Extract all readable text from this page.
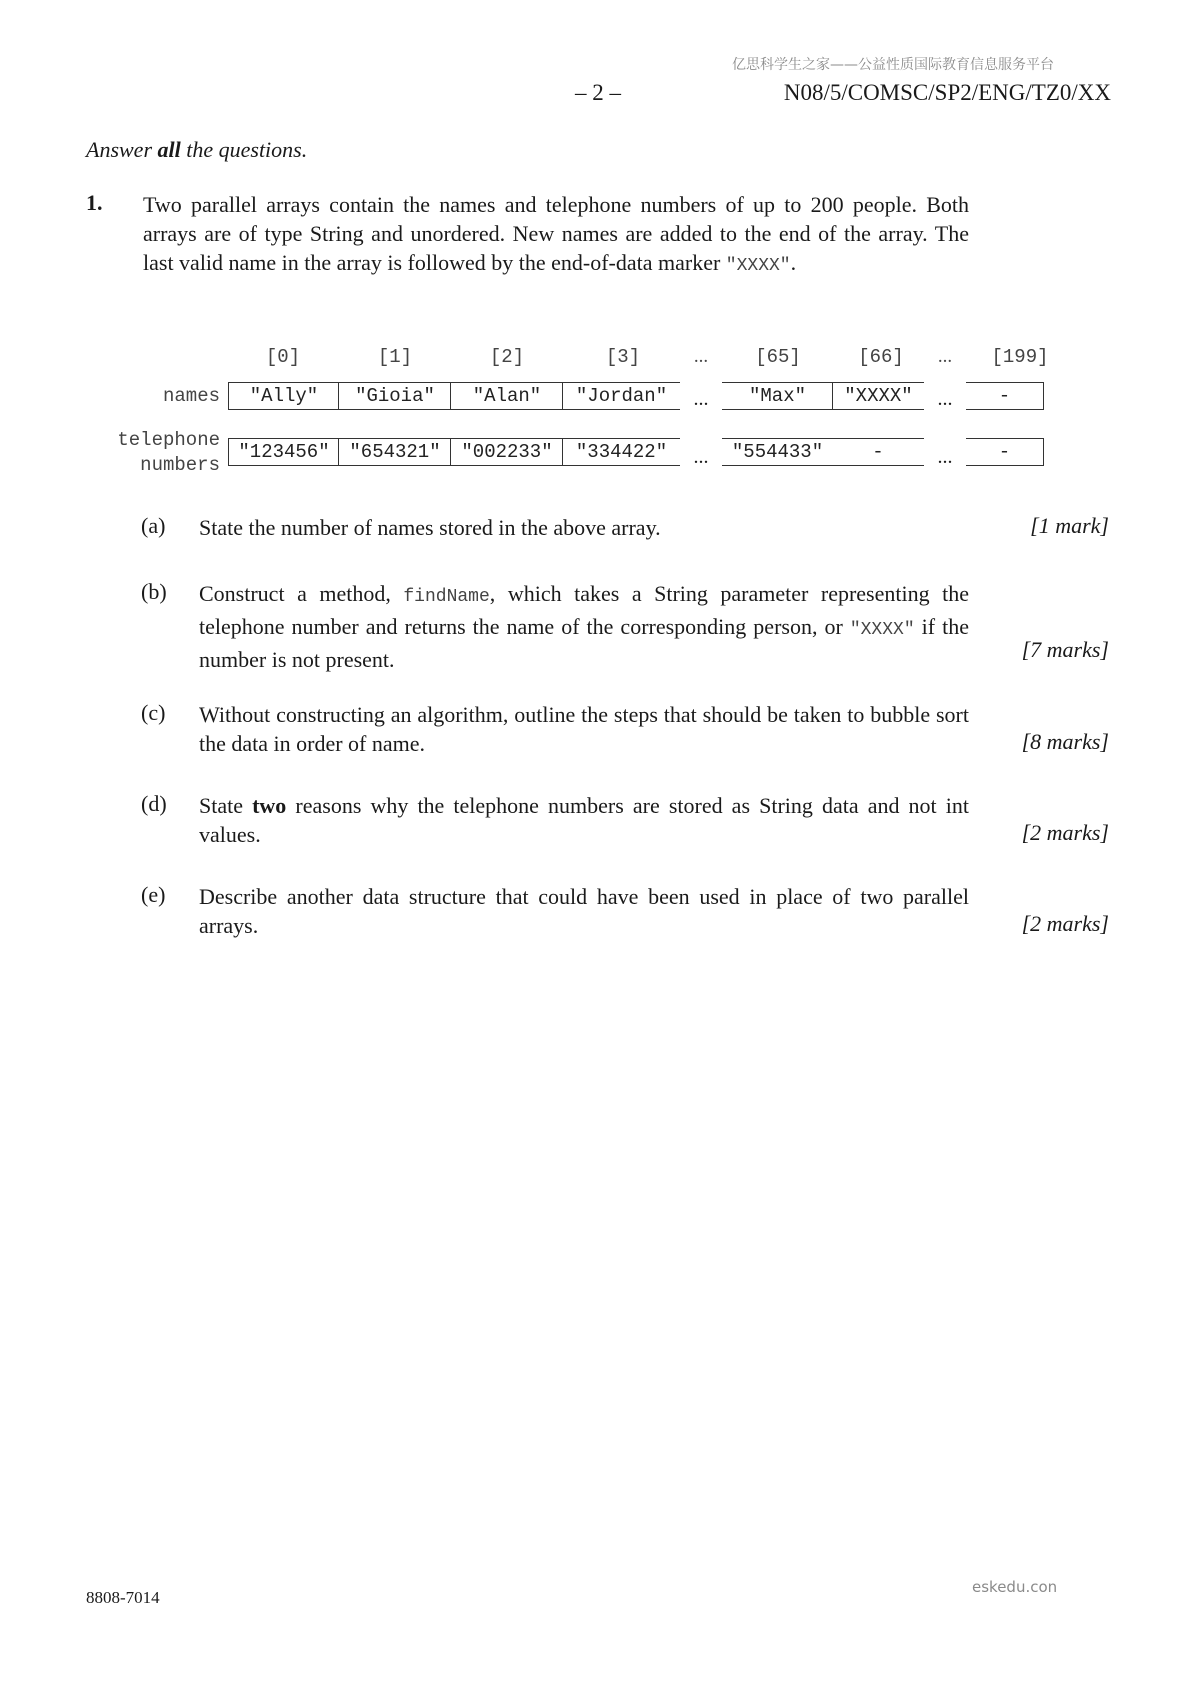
亿思科学生之家——公益性质国际教育信息服务平台
– 2 –	N08/5/COMSC/SP2/ENG/TZ0/XX
Answer all the questions.
1. Two parallel arrays contain the names and telephone numbers of up to 200 people. Both arrays are of type String and unordered. New names are added to the end of the array. The last valid name in the array is followed by the end-of-data marker "XXXX".
[0]	[1]	[2]	[3]	...	[65]	[66]	...	[199]
names	"Ally"	"Gioia"	"Alan"	"Jordan"	...	"Max"	"XXXX"	...	-
telephone
numbers
"123456"	"654321"	"002233"	"334422"	...	"554433"	-	...	-
(a) State the number of names stored in the above array.	[1 mark]
(b) Construct a method, findName, which takes a String parameter representing the telephone number and returns the name of the corresponding person, or "XXXX" if the number is not present.	[7 marks]
(c) Without constructing an algorithm, outline the steps that should be taken to bubble sort the data in order of name.	[8 marks]
(d) State two reasons why the telephone numbers are stored as String data and not int values.	[2 marks]
(e) Describe another data structure that could have been used in place of two parallel arrays.	[2 marks]
8808-7014
eskedu.con
